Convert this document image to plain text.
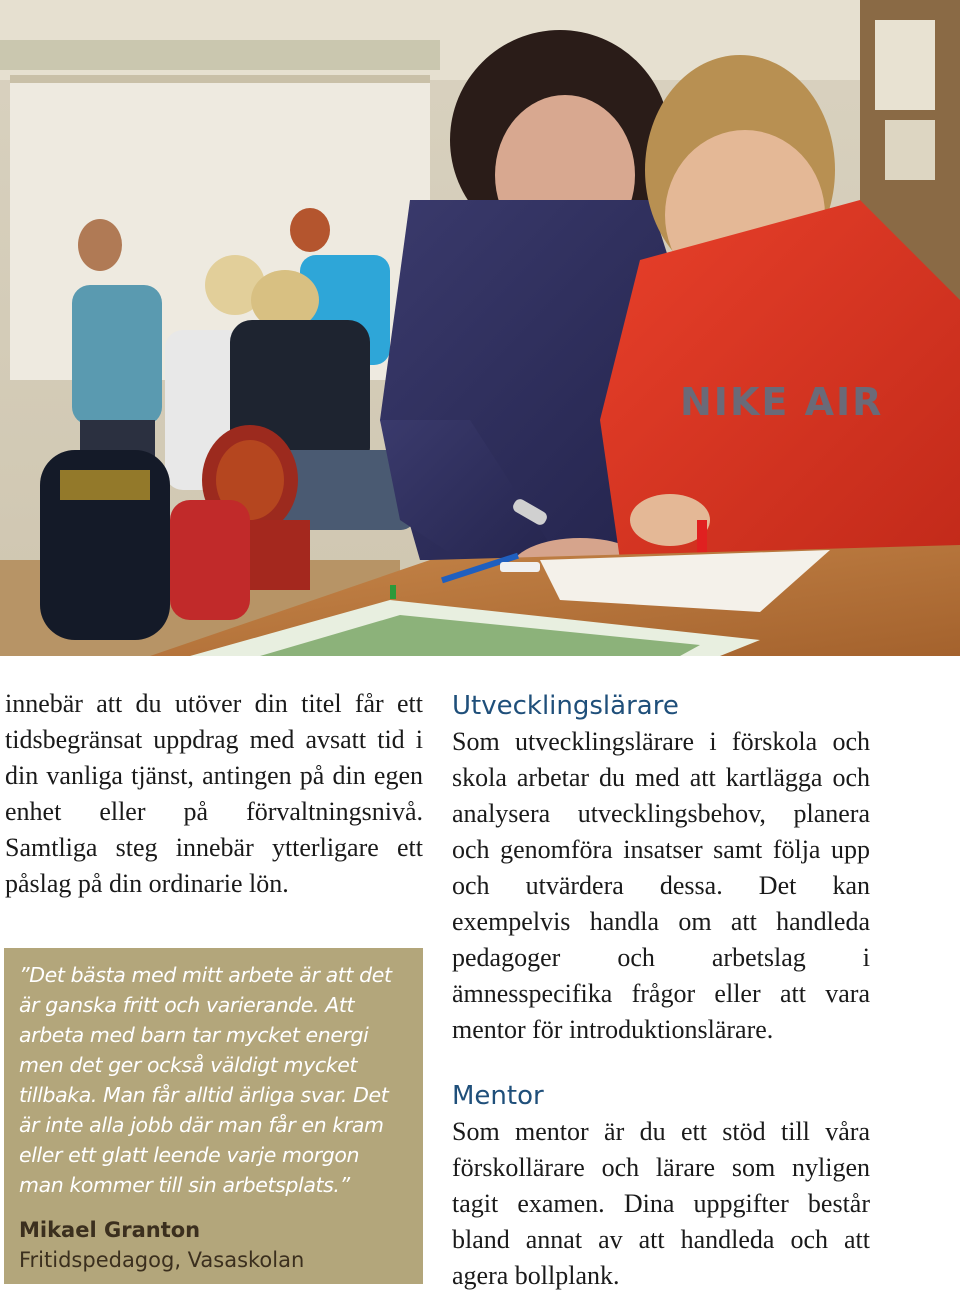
NIKE AIR

innebär att du utöver din titel får ett tidsbegränsat uppdrag med avsatt tid i din vanliga tjänst, antingen på din egen enhet eller på förvaltningsnivå. Samtliga steg innebär ytterligare ett påslag på din ordinarie lön.

”Det bästa med mitt arbete är att det är ganska fritt och varierande. Att arbeta med barn tar mycket energi men det ger också väldigt mycket tillbaka. Man får alltid ärliga svar. Det är inte alla jobb där man får en kram eller ett glatt leende varje morgon man kommer till sin arbetsplats.”

Mikael Granton
Fritidspedagog, Vasaskolan
Utvecklingslärare

Som utvecklingslärare i förskola och skola arbetar du med att kartlägga och analysera utvecklingsbehov, planera och genomföra insatser samt följa upp och utvärdera dessa. Det kan exempelvis handla om att handleda pedagoger och arbetslag i ämnesspecifika frågor eller att vara mentor för introduktionslärare.

Mentor

Som mentor är du ett stöd till våra förskollärare och lärare som nyligen tagit examen. Dina uppgifter består bland annat av att handleda och att agera bollplank.
